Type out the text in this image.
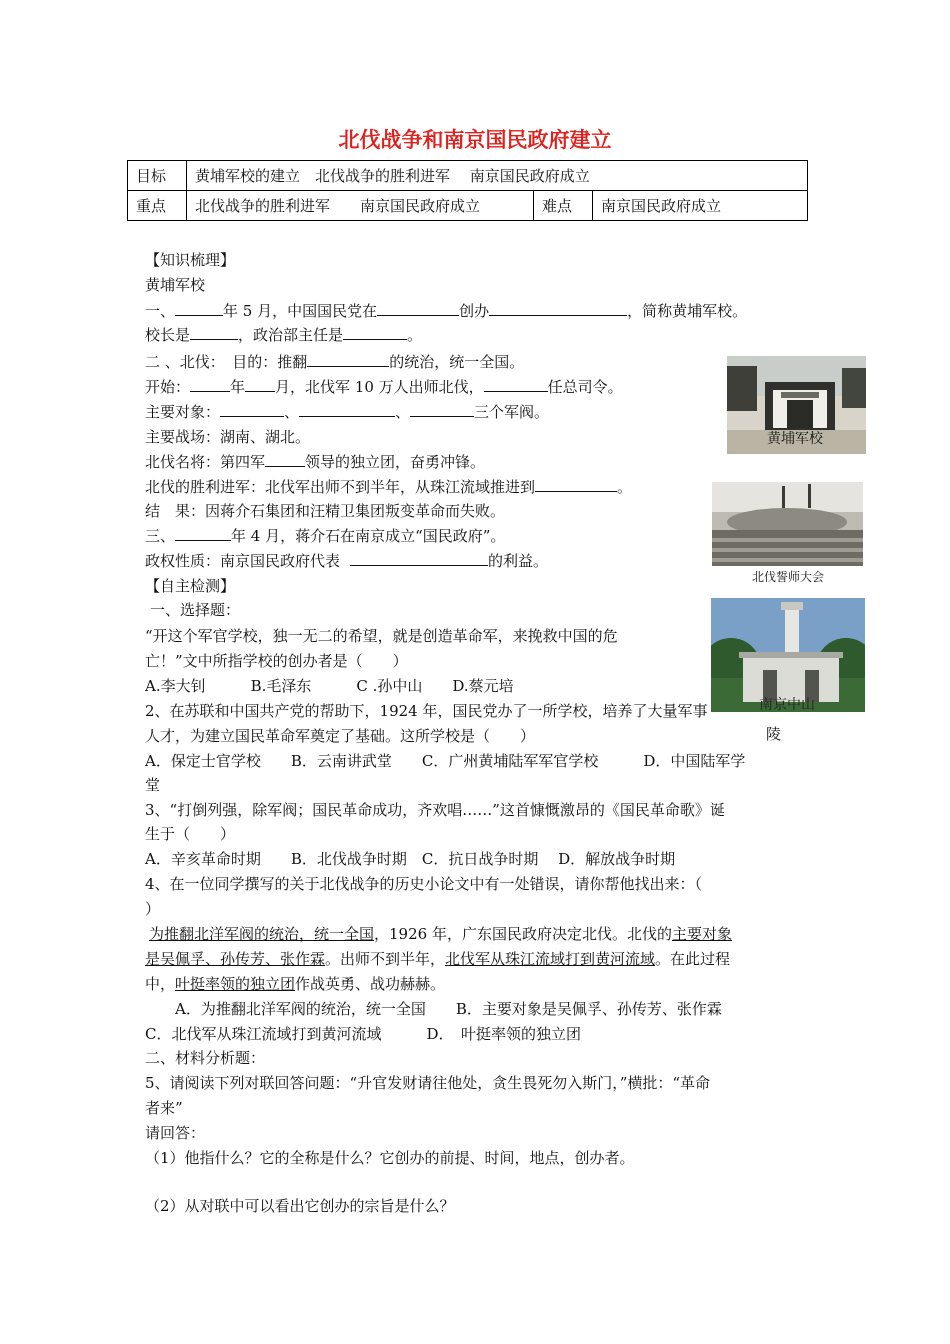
北伐战争和南京国民政府建立
目标	黄埔军校的建立　北伐战争的胜利进军　 南京国民政府成立		
重点	北伐战争的胜利进军　　南京国民政府成立	难点	南京国民政府成立
【知识梳理】
黄埔军校
一、	年 5 月，中国国民党在	创办	，简称黄埔军校。
校长是	，政治部主任是	。
二 、北伐：　目的：推翻	的统治，统一全国。
开始：	年 月，北伐军 10 万人出师北伐，	任总司令。
主要对象：	、	、	三个军阀。
主要战场：湖南、湖北。
北伐名将：第四军	领导的独立团，奋勇冲锋。
北伐的胜利进军：北伐军出师不到半年，从珠江流域推进到	。
结　果：因蒋介石集团和汪精卫集团叛变革命而失败。
三、	年 4 月，蒋介石在南京成立“国民政府”。
政权性质：南京国民政府代表	的利益。
【自主检测】
一、选择题：
“开这个军官学校，独一无二的希望，就是创造革命军，来挽救中国的危
亡！”文中所指学校的创办者是（　　）
A.李大钊　　　B.毛泽东　　　C .孙中山　　D.蔡元培
2、在苏联和中国共产党的帮助下，1924 年，国民党办了一所学校，培养了大量军事
人才，为建立国民革命军奠定了基础。这所学校是（　　）
A．保定士官学校　　B．云南讲武堂　　C．广州黄埔陆军军官学校　　　D．中国陆军学
堂
3、“打倒列强，除军阀；国民革命成功，齐欢唱……”这首慷慨激昂的《国民革命歌》诞
生于（　　）
A．辛亥革命时期　　B．北伐战争时期　C．抗日战争时期　 D．解放战争时期
4、在一位同学撰写的关于北伐战争的历史小论文中有一处错误，请你帮他找出来：（
）
为推翻北洋军阀的统治，统一全国，1926 年，广东国民政府决定北伐。北伐的主要对象
是吴佩孚、孙传芳、张作霖。出师不到半年，北伐军从珠江流域打到黄河流域。在此过程
中，叶挺率领的独立团作战英勇、战功赫赫。
A．为推翻北洋军阀的统治，统一全国　　B．主要对象是吴佩孚、孙传芳、张作霖
C．北伐军从珠江流域打到黄河流域　　　D．　叶挺率领的独立团
二、材料分析题：
5、请阅读下列对联回答问题：“升官发财请往他处，贪生畏死勿入斯门，”横批：“革命
者来”
请回答：
（1）他指什么？它的全称是什么？它创办的前提、时间，地点，创办者。
（2）从对联中可以看出它创办的宗旨是什么？
黄埔军校
北伐誓师大会
南京中山
陵
